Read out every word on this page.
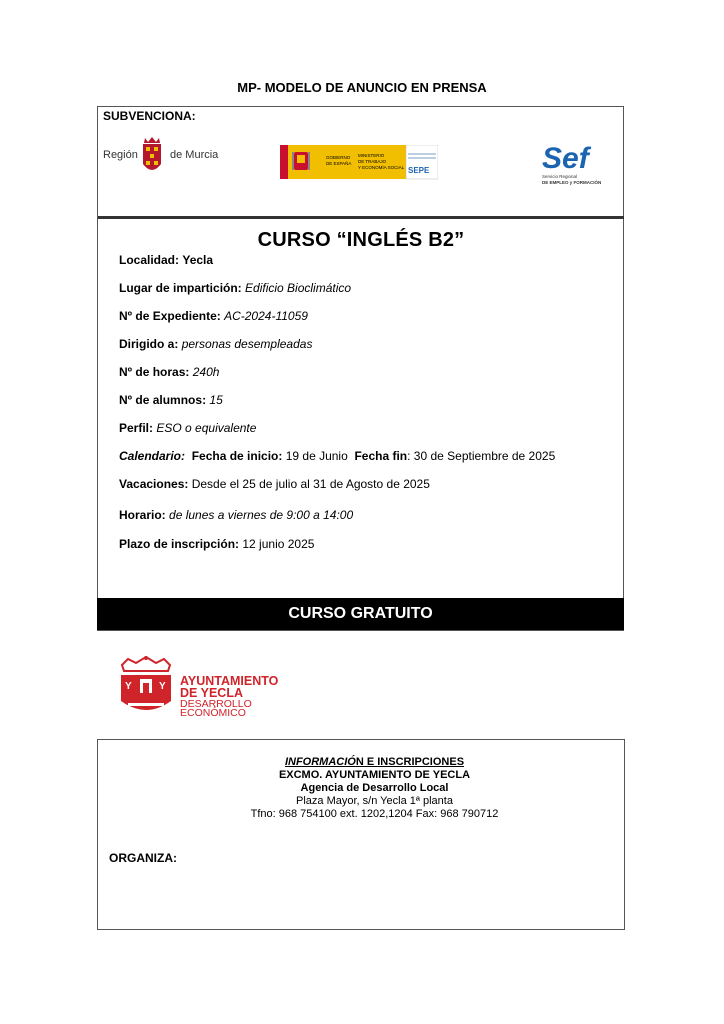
MP- MODELO DE ANUNCIO EN PRENSA
SUBVENCIONA:
Región	de Murcia	GOBIERNO
DE ESPAÑA
MINISTERIO
DE TRABAJO
Y ECONOMÍA SOCIAL SEPE	Sef
Servicio Regional
DE EMPLEO y FORMACIÓN
CURSO “INGLÉS B2”
Localidad: Yecla
Lugar de impartición: Edificio Bioclimático
Nº de Expediente: AC-2024-11059
Dirigido a: personas desempleadas
Nº de horas: 240h
Nº de alumnos: 15
Perfil: ESO o equivalente
Calendario: Fecha de inicio: 19 de Junio Fecha fin: 30 de Septiembre de 2025
Vacaciones: Desde el 25 de julio al 31 de Agosto de 2025
Horario: de lunes a viernes de 9:00 a 14:00
Plazo de inscripción: 12 junio 2025
CURSO GRATUITO
Y	Y AYUNTAMIENTO
DE YECLA
DESARROLLO
ECONÓMICO
INFORMACIÓN E INSCRIPCIONES
EXCMO. AYUNTAMIENTO DE YECLA
Agencia de Desarrollo Local
Plaza Mayor, s/n Yecla 1ª planta
Tfno: 968 754100 ext. 1202,1204 Fax: 968 790712
ORGANIZA:
